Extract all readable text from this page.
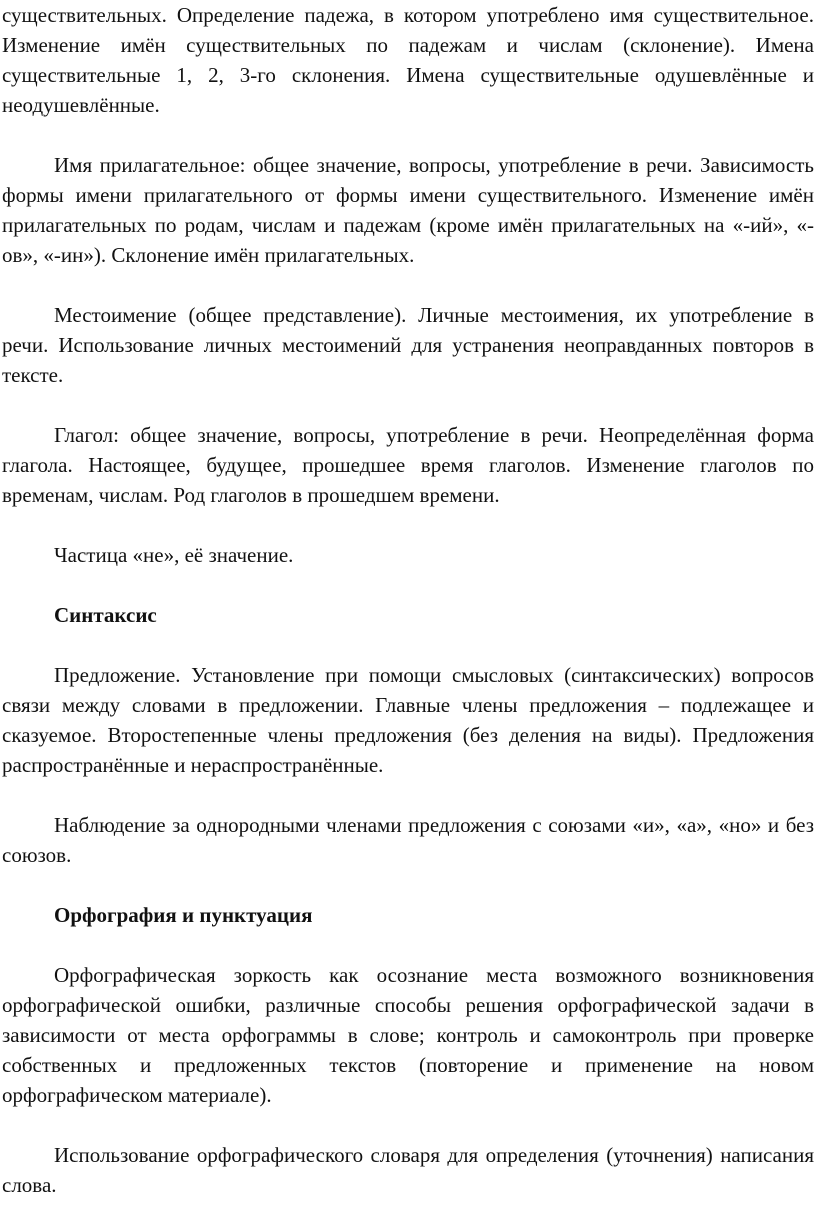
существительных. Определение падежа, в котором употреблено имя существительное. Изменение имён существительных по падежам и числам (склонение). Имена существительные 1, 2, 3-го склонения. Имена существительные одушевлённые и неодушевлённые.

Имя прилагательное: общее значение, вопросы, употребление в речи. Зависимость формы имени прилагательного от формы имени существительного. Изменение имён прилагательных по родам, числам и падежам (кроме имён прилагательных на «-ий», «-ов», «-ин»). Склонение имён прилагательных.

Местоимение (общее представление). Личные местоимения, их употребление в речи. Использование личных местоимений для устранения неоправданных повторов в тексте.

Глагол: общее значение, вопросы, употребление в речи. Неопределённая форма глагола. Настоящее, будущее, прошедшее время глаголов. Изменение глаголов по временам, числам. Род глаголов в прошедшем времени.

Частица «не», её значение.

Синтаксис

Предложение. Установление при помощи смысловых (синтаксических) вопросов связи между словами в предложении. Главные члены предложения – подлежащее и сказуемое. Второстепенные члены предложения (без деления на виды). Предложения распространённые и нераспространённые.

Наблюдение за однородными членами предложения с союзами «и», «а», «но» и без союзов.

Орфография и пунктуация

Орфографическая зоркость как осознание места возможного возникновения орфографической ошибки, различные способы решения орфографической задачи в зависимости от места орфограммы в слове; контроль и самоконтроль при проверке собственных и предложенных текстов (повторение и применение на новом орфографическом материале).

Использование орфографического словаря для определения (уточнения) написания слова.
